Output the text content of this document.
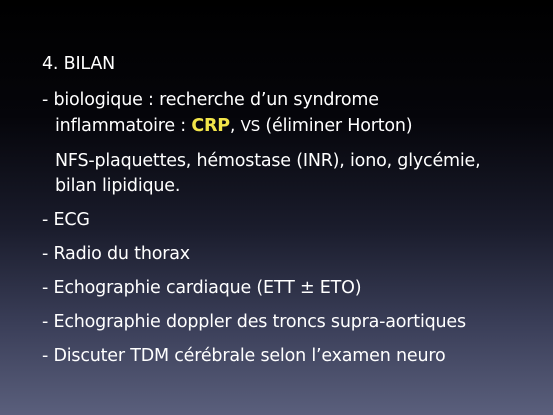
4. BILAN
- biologique : recherche d’un syndrome
inflammatoire : CRP, VS (éliminer Horton)
NFS-plaquettes, hémostase (INR), iono, glycémie,
bilan lipidique.
- ECG
- Radio du thorax
- Echographie cardiaque (ETT ± ETO)
- Echographie doppler des troncs supra-aortiques
- Discuter TDM cérébrale selon l’examen neuro
